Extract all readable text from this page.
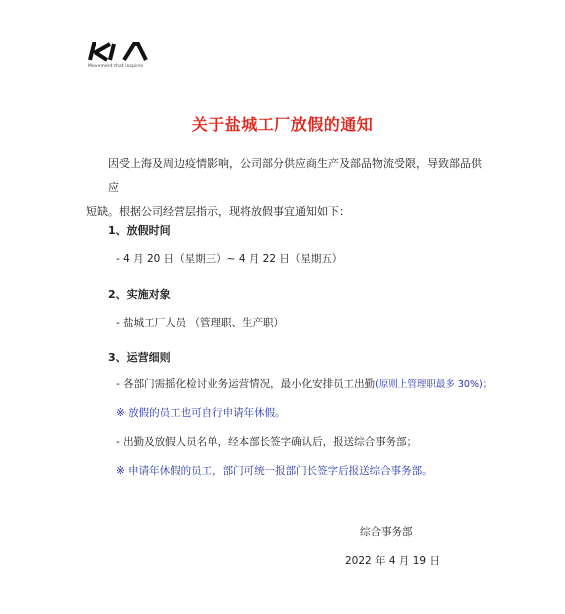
Movement that inspires
关于盐城工厂放假的通知
因受上海及周边疫情影响，公司部分供应商生产及部品物流受限，导致部品供应
短缺。根据公司经营层指示，现将放假事宜通知如下：
1、放假时间
- 4 月 20 日（星期三）~ 4 月 22 日（星期五）
2、实施对象
- 盐城工厂人员 （管理职、生产职）
3、运营细则
- 各部门需摇化检讨业务运营情况，最小化安排员工出勤(原则上管理职最多 30%)；
※ 放假的员工也可自行申请年休假。
- 出勤及放假人员名单，经本部长签字确认后，报送综合事务部；
※ 申请年休假的员工，部门可统一报部门长签字后报送综合事务部。
综合事务部
2022 年 4 月 19 日
